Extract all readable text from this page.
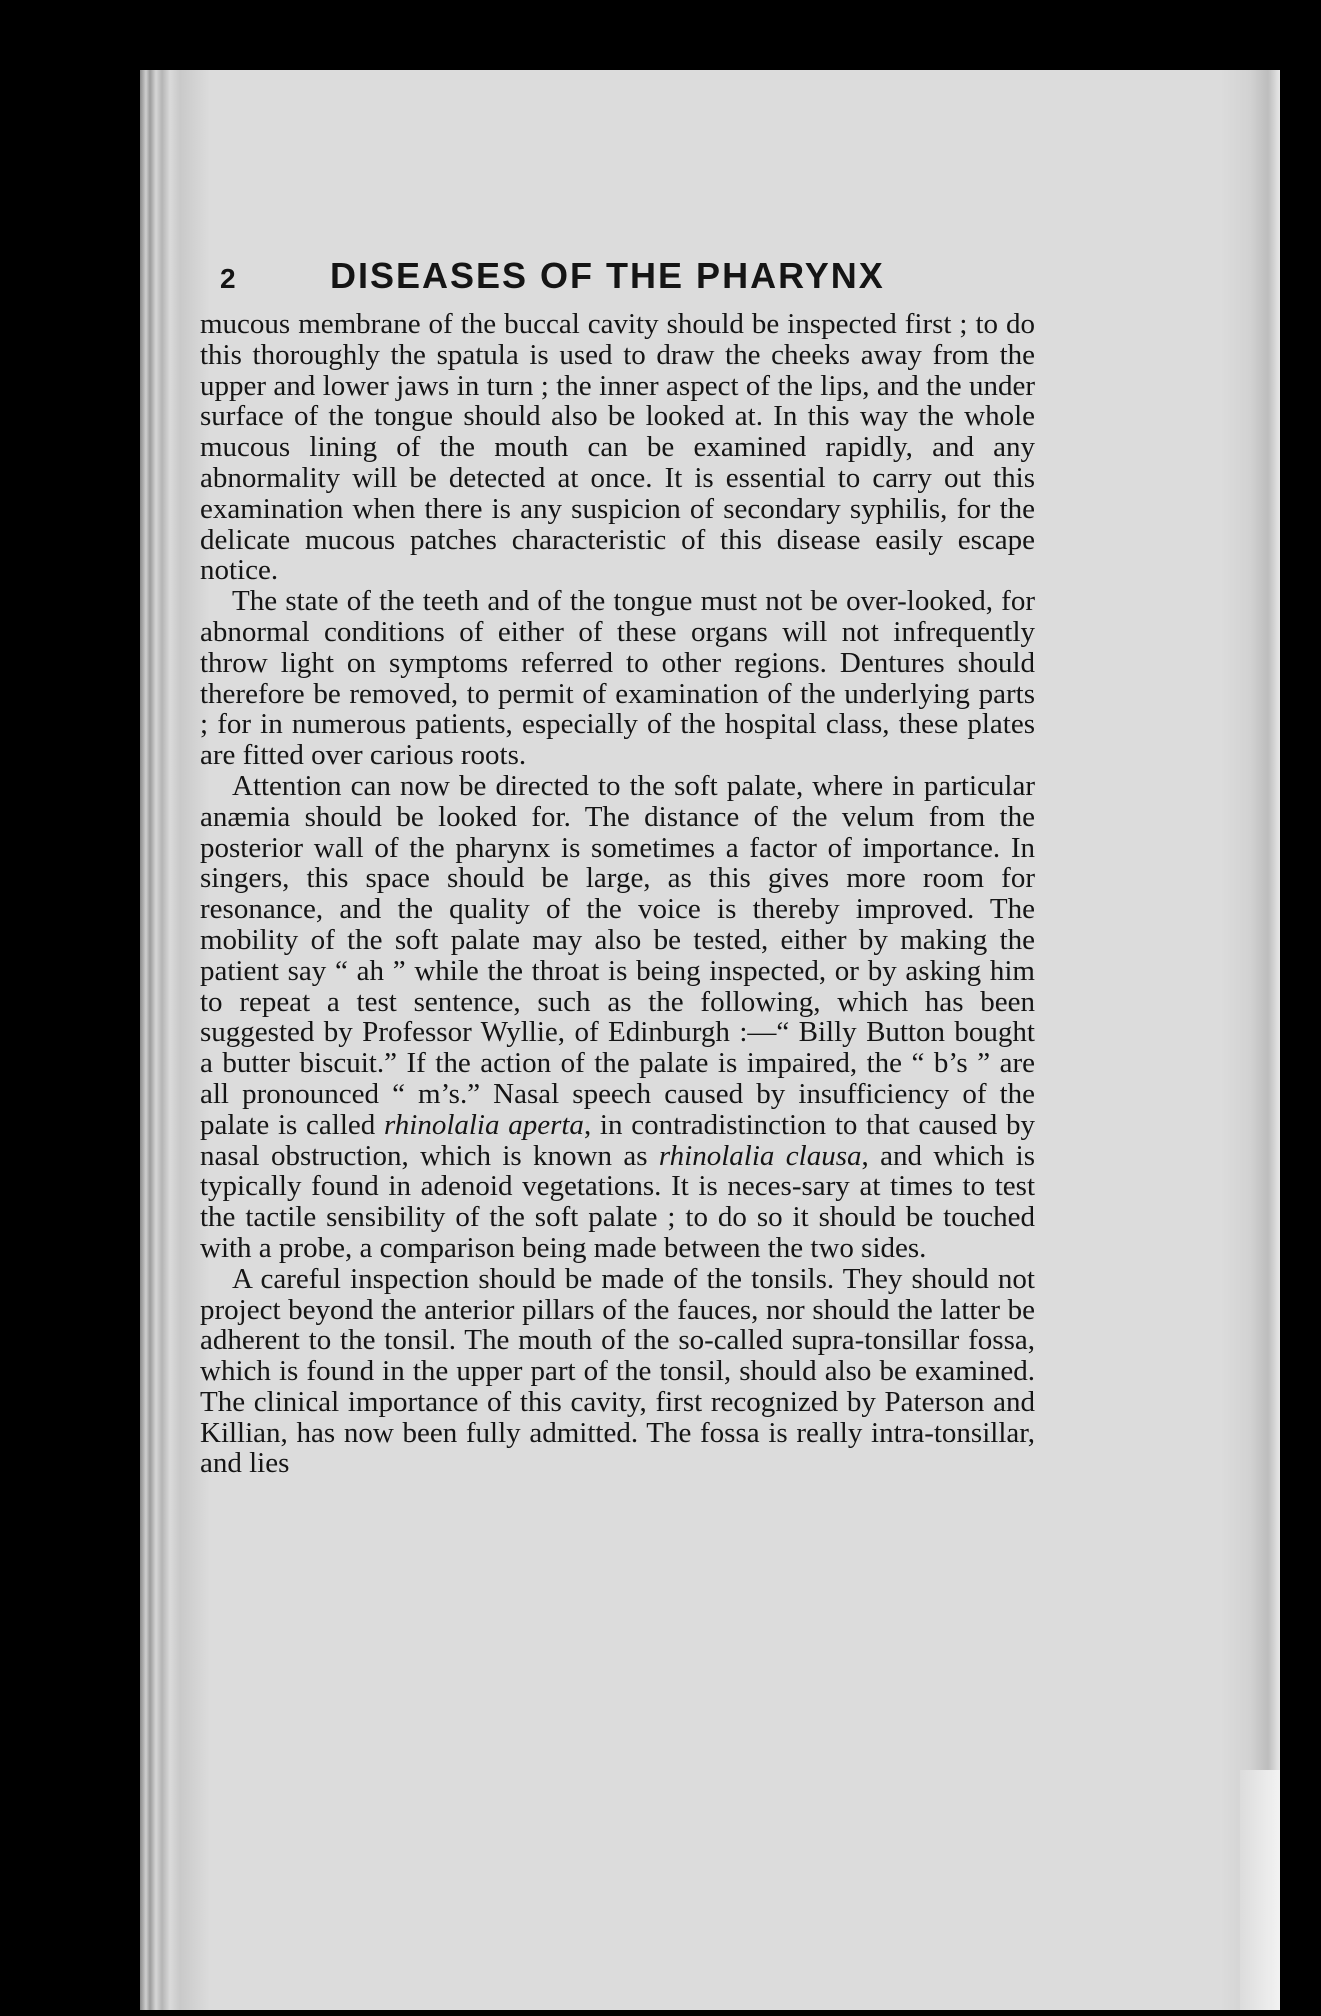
2	DISEASES OF THE PHARYNX

mucous membrane of the buccal cavity should be inspected first ; to do this thoroughly the spatula is used to draw the cheeks away from the upper and lower jaws in turn ; the inner aspect of the lips, and the under surface of the tongue should also be looked at. In this way the whole mucous lining of the mouth can be examined rapidly, and any abnormality will be detected at once. It is essential to carry out this examination when there is any suspicion of secondary syphilis, for the delicate mucous patches characteristic of this disease easily escape notice.

The state of the teeth and of the tongue must not be over-looked, for abnormal conditions of either of these organs will not infrequently throw light on symptoms referred to other regions. Dentures should therefore be removed, to permit of examination of the underlying parts ; for in numerous patients, especially of the hospital class, these plates are fitted over carious roots.

Attention can now be directed to the soft palate, where in particular anæmia should be looked for. The distance of the velum from the posterior wall of the pharynx is sometimes a factor of importance. In singers, this space should be large, as this gives more room for resonance, and the quality of the voice is thereby improved. The mobility of the soft palate may also be tested, either by making the patient say “ ah ” while the throat is being inspected, or by asking him to repeat a test sentence, such as the following, which has been suggested by Professor Wyllie, of Edinburgh :—“ Billy Button bought a butter biscuit.” If the action of the palate is impaired, the “ b’s ” are all pronounced “ m’s.” Nasal speech caused by insufficiency of the palate is called rhinolalia aperta, in contradistinction to that caused by nasal obstruction, which is known as rhinolalia clausa, and which is typically found in adenoid vegetations. It is neces-sary at times to test the tactile sensibility of the soft palate ; to do so it should be touched with a probe, a comparison being made between the two sides.

A careful inspection should be made of the tonsils. They should not project beyond the anterior pillars of the fauces, nor should the latter be adherent to the tonsil. The mouth of the so-called supra-tonsillar fossa, which is found in the upper part of the tonsil, should also be examined. The clinical importance of this cavity, first recognized by Paterson and Killian, has now been fully admitted. The fossa is really intra-tonsillar, and lies
